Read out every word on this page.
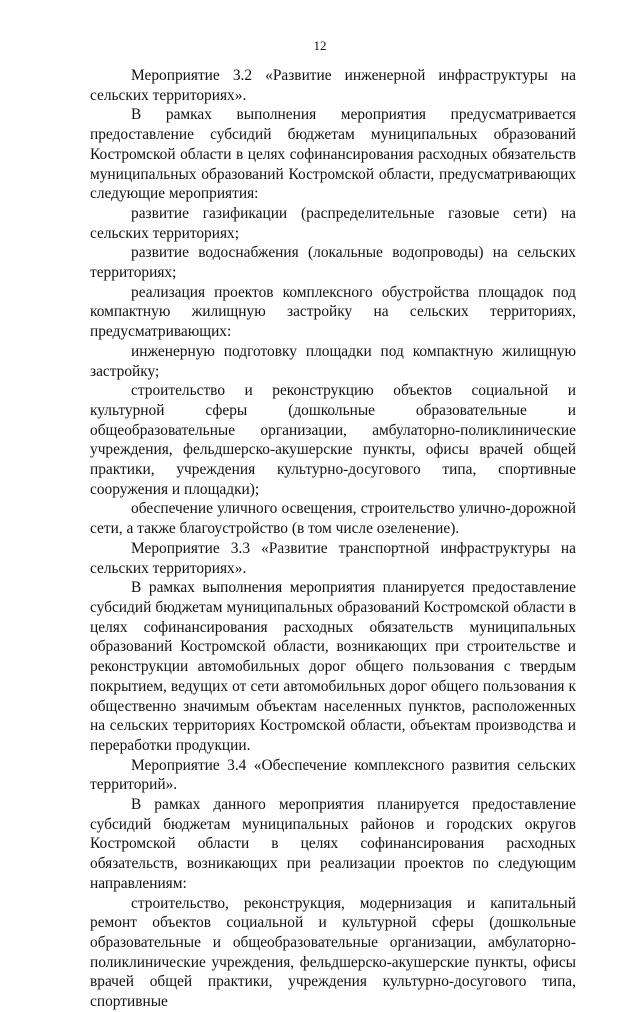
12

Мероприятие 3.2 «Развитие инженерной инфраструктуры на сельских территориях».

В рамках выполнения мероприятия предусматривается предоставление субсидий бюджетам муниципальных образований Костромской области в целях софинансирования расходных обязательств муниципальных образований Костромской области, предусматривающих следующие мероприятия:

развитие газификации (распределительные газовые сети) на сельских территориях;

развитие водоснабжения (локальные водопроводы) на сельских территориях;

реализация проектов комплексного обустройства площадок под компактную жилищную застройку на сельских территориях, предусматривающих:

инженерную подготовку площадки под компактную жилищную застройку;

строительство и реконструкцию объектов социальной и культурной сферы (дошкольные образовательные и общеобразовательные организации, амбулаторно-поликлинические учреждения, фельдшерско-акушерские пункты, офисы врачей общей практики, учреждения культурно-досугового типа, спортивные сооружения и площадки);

обеспечение уличного освещения, строительство улично-дорожной сети, а также благоустройство (в том числе озеленение).

Мероприятие 3.3 «Развитие транспортной инфраструктуры на сельских территориях».

В рамках выполнения мероприятия планируется предоставление субсидий бюджетам муниципальных образований Костромской области в целях софинансирования расходных обязательств муниципальных образований Костромской области, возникающих при строительстве и реконструкции автомобильных дорог общего пользования с твердым покрытием, ведущих от сети автомобильных дорог общего пользования к общественно значимым объектам населенных пунктов, расположенных на сельских территориях Костромской области, объектам производства и переработки продукции.

Мероприятие 3.4 «Обеспечение комплексного развития сельских территорий».

В рамках данного мероприятия планируется предоставление субсидий бюджетам муниципальных районов и городских округов Костромской области в целях софинансирования расходных обязательств, возникающих при реализации проектов по следующим направлениям:

строительство, реконструкция, модернизация и капитальный ремонт объектов социальной и культурной сферы (дошкольные образовательные и общеобразовательные организации, амбулаторно-поликлинические учреждения, фельдшерско-акушерские пункты, офисы врачей общей практики, учреждения культурно-досугового типа, спортивные
